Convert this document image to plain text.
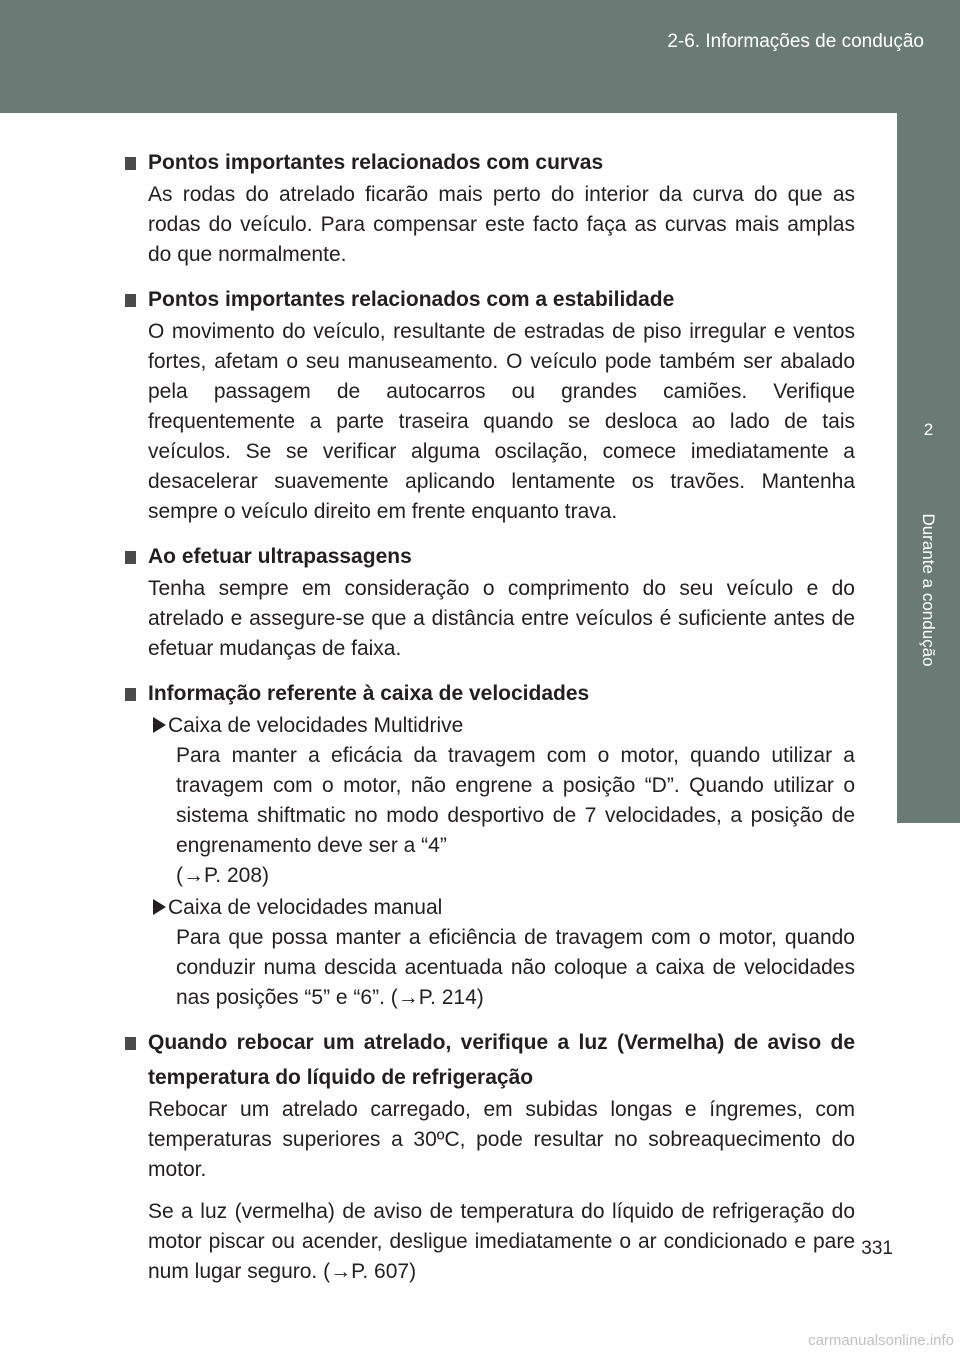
2-6. Informações de condução
2
Durante a condução
Pontos importantes relacionados com curvas

As rodas do atrelado ficarão mais perto do interior da curva do que as rodas do veículo. Para compensar este facto faça as curvas mais amplas do que normalmente.

Pontos importantes relacionados com a estabilidade

O movimento do veículo, resultante de estradas de piso irregular e ventos fortes, afetam o seu manuseamento. O veículo pode também ser abalado pela passagem de autocarros ou grandes camiões. Verifique frequentemente a parte traseira quando se desloca ao lado de tais veículos. Se se verificar alguma oscilação, comece imediatamente a desacelerar suavemente aplicando lentamente os travões. Mantenha sempre o veículo direito em frente enquanto trava.

Ao efetuar ultrapassagens

Tenha sempre em consideração o comprimento do seu veículo e do atrelado e assegure-se que a distância entre veículos é suficiente antes de efetuar mudanças de faixa.

Informação referente à caixa de velocidades
Caixa de velocidades Multidrive
Para manter a eficácia da travagem com o motor, quando utilizar a travagem com o motor, não engrene a posição “D”. Quando utilizar o sistema shiftmatic no modo desportivo de 7 velocidades, a posição de engrenamento deve ser a “4”
(→P. 208)
Caixa de velocidades manual
Para que possa manter a eficiência de travagem com o motor, quando conduzir numa descida acentuada não coloque a caixa de velocidades nas posições “5” e “6”. (→P. 214)
Quando rebocar um atrelado, verifique a luz (Vermelha) de aviso de temperatura do líquido de refrigeração

Rebocar um atrelado carregado, em subidas longas e íngremes, com temperaturas superiores a 30ºC, pode resultar no sobreaquecimento do motor.

Se a luz (vermelha) de aviso de temperatura do líquido de refrigeração do motor piscar ou acender, desligue imediatamente o ar condicionado e pare num lugar seguro. (→P. 607)

331
carmanualsonline.info
